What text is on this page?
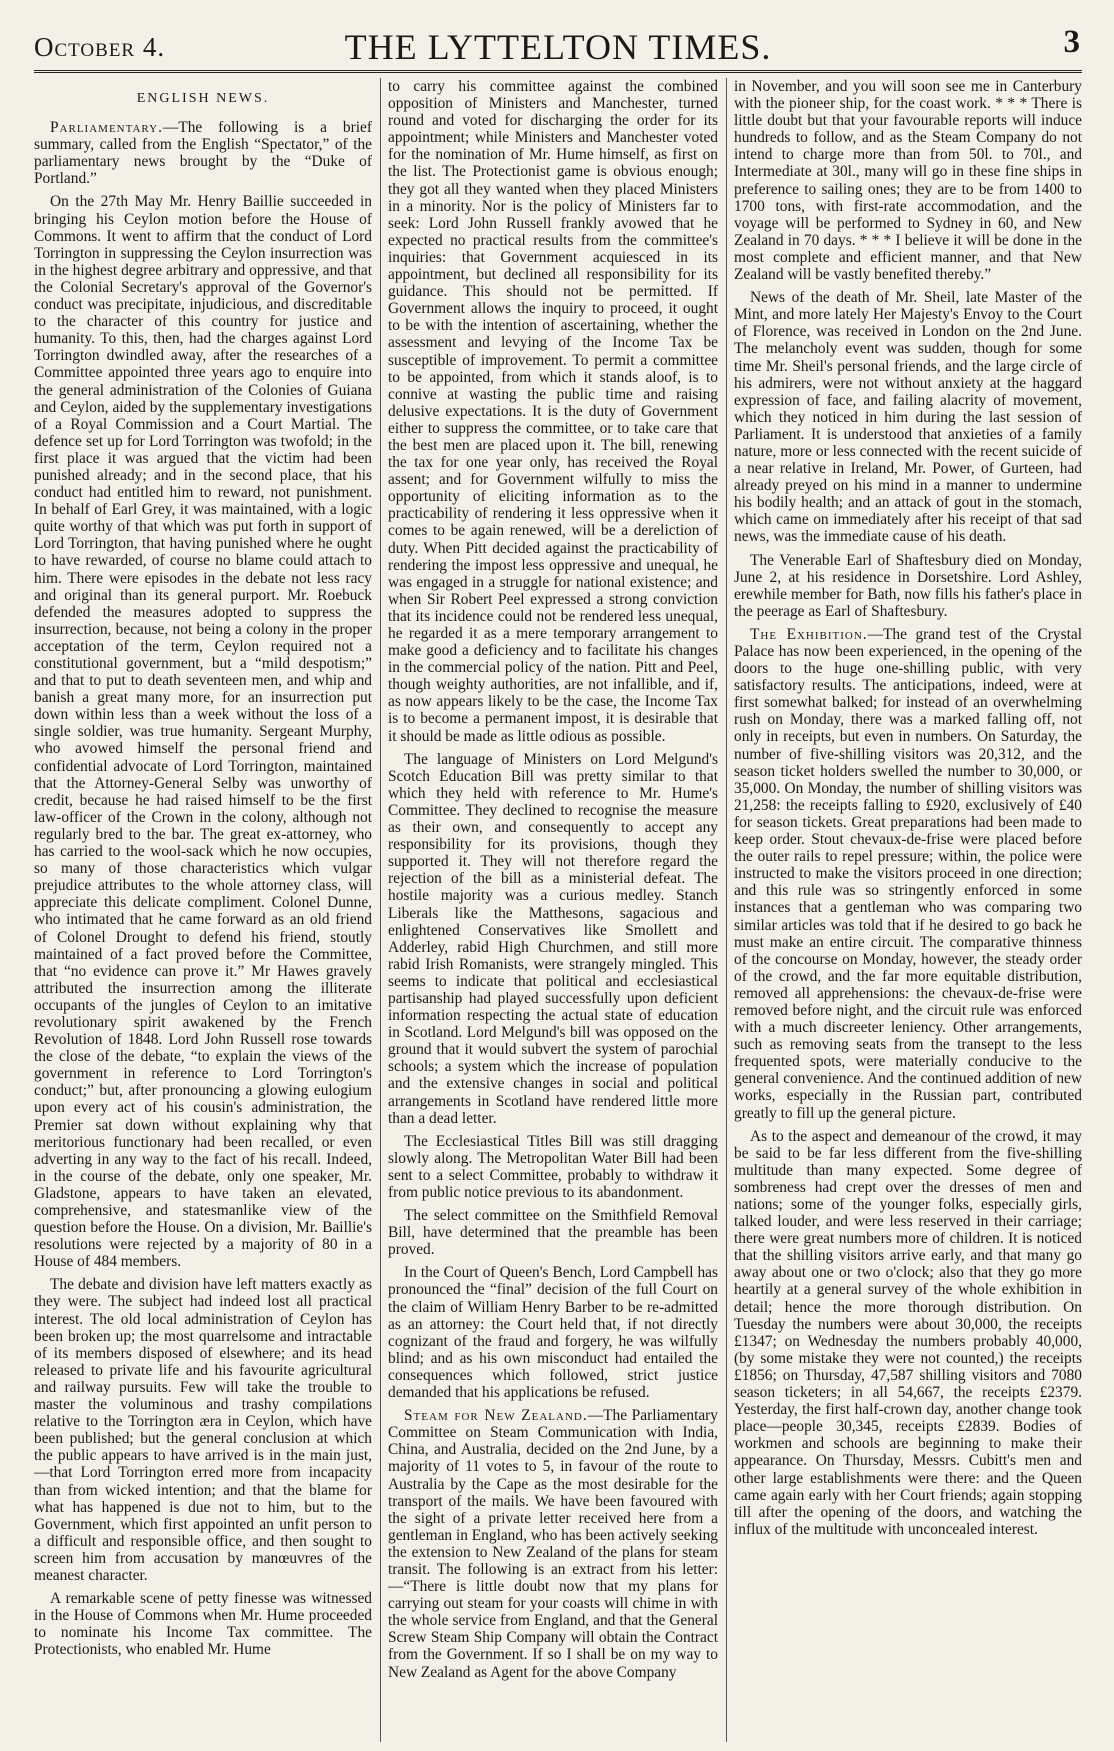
October 4.	THE LYTTELTON TIMES.	3
ENGLISH NEWS.

Parliamentary.—The following is a brief summary, called from the English “Spectator,” of the parliamentary news brought by the “Duke of Portland.”

On the 27th May Mr. Henry Baillie succeeded in bringing his Ceylon motion before the House of Commons. It went to affirm that the conduct of Lord Torrington in suppressing the Ceylon insurrection was in the highest degree arbitrary and oppressive, and that the Colonial Secretary's approval of the Governor's conduct was precipitate, injudicious, and discreditable to the character of this country for justice and humanity. To this, then, had the charges against Lord Torrington dwindled away, after the researches of a Committee appointed three years ago to enquire into the general administration of the Colonies of Guiana and Ceylon, aided by the supplementary investigations of a Royal Commission and a Court Martial. The defence set up for Lord Torrington was twofold; in the first place it was argued that the victim had been punished already; and in the second place, that his conduct had entitled him to reward, not punishment. In behalf of Earl Grey, it was maintained, with a logic quite worthy of that which was put forth in support of Lord Torrington, that having punished where he ought to have rewarded, of course no blame could attach to him. There were episodes in the debate not less racy and original than its general purport. Mr. Roebuck defended the measures adopted to suppress the insurrection, because, not being a colony in the proper acceptation of the term, Ceylon required not a constitutional government, but a “mild despotism;” and that to put to death seventeen men, and whip and banish a great many more, for an insurrection put down within less than a week without the loss of a single soldier, was true humanity. Sergeant Murphy, who avowed himself the personal friend and confidential advocate of Lord Torrington, maintained that the Attorney-General Selby was unworthy of credit, because he had raised himself to be the first law-officer of the Crown in the colony, although not regularly bred to the bar. The great ex-attorney, who has carried to the wool-sack which he now occupies, so many of those characteristics which vulgar prejudice attributes to the whole attorney class, will appreciate this delicate compliment. Colonel Dunne, who intimated that he came forward as an old friend of Colonel Drought to defend his friend, stoutly maintained of a fact proved before the Committee, that “no evidence can prove it.” Mr Hawes gravely attributed the insurrection among the illiterate occupants of the jungles of Ceylon to an imitative revolutionary spirit awakened by the French Revolution of 1848. Lord John Russell rose towards the close of the debate, “to explain the views of the government in reference to Lord Torrington's conduct;” but, after pronouncing a glowing eulogium upon every act of his cousin's administration, the Premier sat down without explaining why that meritorious functionary had been recalled, or even adverting in any way to the fact of his recall. Indeed, in the course of the debate, only one speaker, Mr. Gladstone, appears to have taken an elevated, comprehensive, and statesmanlike view of the question before the House. On a division, Mr. Baillie's resolutions were rejected by a majority of 80 in a House of 484 members.

The debate and division have left matters exactly as they were. The subject had indeed lost all practical interest. The old local administration of Ceylon has been broken up; the most quarrelsome and intractable of its members disposed of elsewhere; and its head released to private life and his favourite agricultural and railway pursuits. Few will take the trouble to master the voluminous and trashy compilations relative to the Torrington æra in Ceylon, which have been published; but the general conclusion at which the public appears to have arrived is in the main just,—that Lord Torrington erred more from incapacity than from wicked intention; and that the blame for what has happened is due not to him, but to the Government, which first appointed an unfit person to a difficult and responsible office, and then sought to screen him from accusation by manœuvres of the meanest character.

A remarkable scene of petty finesse was witnessed in the House of Commons when Mr. Hume proceeded to nominate his Income Tax committee. The Protectionists, who enabled Mr. Hume

to carry his committee against the combined opposition of Ministers and Manchester, turned round and voted for discharging the order for its appointment; while Ministers and Manchester voted for the nomination of Mr. Hume himself, as first on the list. The Protectionist game is obvious enough; they got all they wanted when they placed Ministers in a minority. Nor is the policy of Ministers far to seek: Lord John Russell frankly avowed that he expected no practical results from the committee's inquiries: that Government acquiesced in its appointment, but declined all responsibility for its guidance. This should not be permitted. If Government allows the inquiry to proceed, it ought to be with the intention of ascertaining, whether the assessment and levying of the Income Tax be susceptible of improvement. To permit a committee to be appointed, from which it stands aloof, is to connive at wasting the public time and raising delusive expectations. It is the duty of Government either to suppress the committee, or to take care that the best men are placed upon it. The bill, renewing the tax for one year only, has received the Royal assent; and for Government wilfully to miss the opportunity of eliciting information as to the practicability of rendering it less oppressive when it comes to be again renewed, will be a dereliction of duty. When Pitt decided against the practicability of rendering the impost less oppressive and unequal, he was engaged in a struggle for national existence; and when Sir Robert Peel expressed a strong conviction that its incidence could not be rendered less unequal, he regarded it as a mere temporary arrangement to make good a deficiency and to facilitate his changes in the commercial policy of the nation. Pitt and Peel, though weighty authorities, are not infallible, and if, as now appears likely to be the case, the Income Tax is to become a permanent impost, it is desirable that it should be made as little odious as possible.

The language of Ministers on Lord Melgund's Scotch Education Bill was pretty similar to that which they held with reference to Mr. Hume's Committee. They declined to recognise the measure as their own, and consequently to accept any responsibility for its provisions, though they supported it. They will not therefore regard the rejection of the bill as a ministerial defeat. The hostile majority was a curious medley. Stanch Liberals like the Matthesons, sagacious and enlightened Conservatives like Smollett and Adderley, rabid High Churchmen, and still more rabid Irish Romanists, were strangely mingled. This seems to indicate that political and ecclesiastical partisanship had played successfully upon deficient information respecting the actual state of education in Scotland. Lord Melgund's bill was opposed on the ground that it would subvert the system of parochial schools; a system which the increase of population and the extensive changes in social and political arrangements in Scotland have rendered little more than a dead letter.

The Ecclesiastical Titles Bill was still dragging slowly along. The Metropolitan Water Bill had been sent to a select Committee, probably to withdraw it from public notice previous to its abandonment.

The select committee on the Smithfield Removal Bill, have determined that the preamble has been proved.

In the Court of Queen's Bench, Lord Campbell has pronounced the “final” decision of the full Court on the claim of William Henry Barber to be re-admitted as an attorney: the Court held that, if not directly cognizant of the fraud and forgery, he was wilfully blind; and as his own misconduct had entailed the consequences which followed, strict justice demanded that his applications be refused.

Steam for New Zealand.—The Parliamentary Committee on Steam Communication with India, China, and Australia, decided on the 2nd June, by a majority of 11 votes to 5, in favour of the route to Australia by the Cape as the most desirable for the transport of the mails. We have been favoured with the sight of a private letter received here from a gentleman in England, who has been actively seeking the extension to New Zealand of the plans for steam transit. The following is an extract from his letter:—“There is little doubt now that my plans for carrying out steam for your coasts will chime in with the whole service from England, and that the General Screw Steam Ship Company will obtain the Contract from the Government. If so I shall be on my way to New Zealand as Agent for the above Company

in November, and you will soon see me in Canterbury with the pioneer ship, for the coast work. * * * There is little doubt but that your favourable reports will induce hundreds to follow, and as the Steam Company do not intend to charge more than from 50l. to 70l., and Intermediate at 30l., many will go in these fine ships in preference to sailing ones; they are to be from 1400 to 1700 tons, with first-rate accommodation, and the voyage will be performed to Sydney in 60, and New Zealand in 70 days. * * * I believe it will be done in the most complete and efficient manner, and that New Zealand will be vastly benefited thereby.”

News of the death of Mr. Sheil, late Master of the Mint, and more lately Her Majesty's Envoy to the Court of Florence, was received in London on the 2nd June. The melancholy event was sudden, though for some time Mr. Sheil's personal friends, and the large circle of his admirers, were not without anxiety at the haggard expression of face, and failing alacrity of movement, which they noticed in him during the last session of Parliament. It is understood that anxieties of a family nature, more or less connected with the recent suicide of a near relative in Ireland, Mr. Power, of Gurteen, had already preyed on his mind in a manner to undermine his bodily health; and an attack of gout in the stomach, which came on immediately after his receipt of that sad news, was the immediate cause of his death.

The Venerable Earl of Shaftesbury died on Monday, June 2, at his residence in Dorsetshire. Lord Ashley, erewhile member for Bath, now fills his father's place in the peerage as Earl of Shaftesbury.

The Exhibition.—The grand test of the Crystal Palace has now been experienced, in the opening of the doors to the huge one-shilling public, with very satisfactory results. The anticipations, indeed, were at first somewhat balked; for instead of an overwhelming rush on Monday, there was a marked falling off, not only in receipts, but even in numbers. On Saturday, the number of five-shilling visitors was 20,312, and the season ticket holders swelled the number to 30,000, or 35,000. On Monday, the number of shilling visitors was 21,258: the receipts falling to £920, exclusively of £40 for season tickets. Great preparations had been made to keep order. Stout chevaux-de-frise were placed before the outer rails to repel pressure; within, the police were instructed to make the visitors proceed in one direction; and this rule was so stringently enforced in some instances that a gentleman who was comparing two similar articles was told that if he desired to go back he must make an entire circuit. The comparative thinness of the concourse on Monday, however, the steady order of the crowd, and the far more equitable distribution, removed all apprehensions: the chevaux-de-frise were removed before night, and the circuit rule was enforced with a much discreeter leniency. Other arrangements, such as removing seats from the transept to the less frequented spots, were materially conducive to the general convenience. And the continued addition of new works, especially in the Russian part, contributed greatly to fill up the general picture.

As to the aspect and demeanour of the crowd, it may be said to be far less different from the five-shilling multitude than many expected. Some degree of sombreness had crept over the dresses of men and nations; some of the younger folks, especially girls, talked louder, and were less reserved in their carriage; there were great numbers more of children. It is noticed that the shilling visitors arrive early, and that many go away about one or two o'clock; also that they go more heartily at a general survey of the whole exhibition in detail; hence the more thorough distribution. On Tuesday the numbers were about 30,000, the receipts £1347; on Wednesday the numbers probably 40,000, (by some mistake they were not counted,) the receipts £1856; on Thursday, 47,587 shilling visitors and 7080 season ticketers; in all 54,667, the receipts £2379. Yesterday, the first half-crown day, another change took place—people 30,345, receipts £2839. Bodies of workmen and schools are beginning to make their appearance. On Thursday, Messrs. Cubitt's men and other large establishments were there: and the Queen came again early with her Court friends; again stopping till after the opening of the doors, and watching the influx of the multitude with unconcealed interest.
